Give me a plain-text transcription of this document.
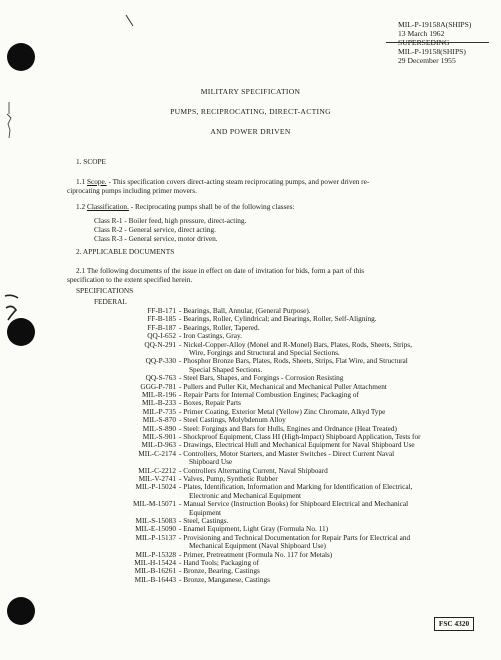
MIL-P-19158A(SHIPS)
13 March 1962
SUPERSEDING
MIL-P-19158(SHIPS)
29 December 1955
MILITARY SPECIFICATION
PUMPS, RECIPROCATING, DIRECT-ACTING
AND POWER DRIVEN
1. SCOPE
1.1 Scope. - This specification covers direct-acting steam reciprocating pumps, and power driven re-
ciprocating pumps including primer movers.
1.2 Classification. - Reciprocating pumps shall be of the following classes:
Class R-1 - Boiler feed, high pressure, direct-acting.
Class R-2 - General service, direct acting.
Class R-3 - General service, motor driven.
2. APPLICABLE DOCUMENTS
2.1 The following documents of the issue in effect on date of invitation for bids, form a part of this
specification to the extent specified herein.
SPECIFICATIONS
FEDERAL
FF-B-171 - Bearings, Ball, Annular, (General Purpose).
FF-B-185 - Bearings, Roller, Cylindrical; and Bearings, Roller, Self-Aligning.
FF-B-187 - Bearings, Roller, Tapered.
QQ-I-652 - Iron Castings, Gray.
QQ-N-291 - Nickel-Copper-Alloy (Monel and R-Monel) Bars, Plates, Rods, Sheets, Strips,
Wire, Forgings and Structural and Special Sections.
QQ-P-330 - Phosphor Bronze Bars, Plates, Rods, Sheets, Strips, Flat Wire, and Structural
Special Shaped Sections.
QQ-S-763 - Steel Bars, Shapes, and Forgings - Corrosion Resisting
GGG-P-781 - Pullers and Puller Kit, Mechanical and Mechanical Puller Attachment
MIL-R-196 - Repair Parts for Internal Combustion Engines; Packaging of
MIL-B-233 - Boxes, Repair Parts
MIL-P-735 - Primer Coating, Exterior Metal (Yellow) Zinc Chromate, Alkyd Type
MIL-S-870 - Steel Castings, Molybdenum Alloy
MIL-S-890 - Steel: Forgings and Bars for Hulls, Engines and Ordnance (Heat Treated)
MIL-S-901 - Shockproof Equipment, Class HI (High-Impact) Shipboard Application, Tests for
MIL-D-963 - Drawings, Electrical Hull and Mechanical Equipment for Naval Shipboard Use
MIL-C-2174 - Controllers, Motor Starters, and Master Switches - Direct Current Naval
Shipboard Use
MIL-C-2212 - Controllers Alternating Current, Naval Shipboard
MIL-V-2741 - Valves, Pump, Synthetic Rubber
MIL-P-15024 - Plates, Identification, Information and Marking for Identification of Electrical,
Electronic and Mechanical Equipment
MIL-M-15071 - Manual Service (Instruction Books) for Shipboard Electrical and Mechanical
Equipment
MIL-S-15083 - Steel, Castings.
MIL-E-15090 - Enamel Equipment, Light Gray (Formula No. 11)
MIL-P-15137 - Provisioning and Technical Documentation for Repair Parts for Electrical and
Mechanical Equipment (Naval Shipboard Use)
MIL-P-15328 - Primer, Pretreatment (Formula No. 117 for Metals)
MIL-H-15424 - Hand Tools; Packaging of
MIL-B-16261 - Bronze, Bearing, Castings
MIL-B-16443 - Bronze, Manganese, Castings
FSC 4320
